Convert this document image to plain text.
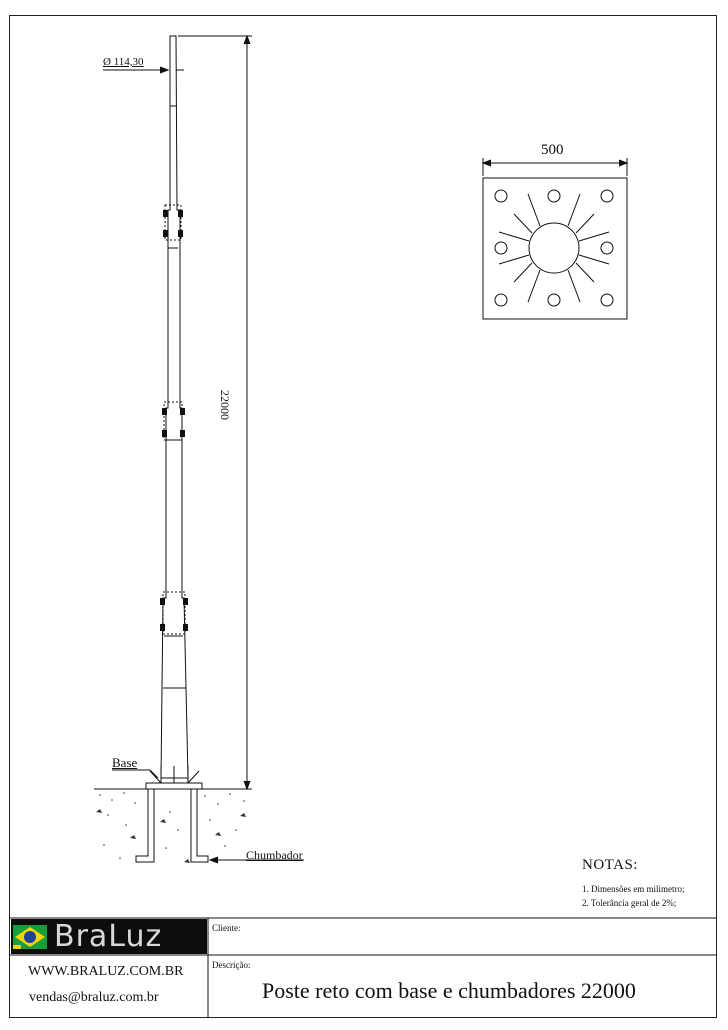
BraLuz
Ø 114,30
22000
500
Base
Chumbador
NOTAS:
1. Dimensões em milimetro;
2. Tolerância geral de 2%;
Cliente:
Descrição:
WWW.BRALUZ.COM.BR
vendas@braluz.com.br	Poste reto com base e chumbadores 22000
